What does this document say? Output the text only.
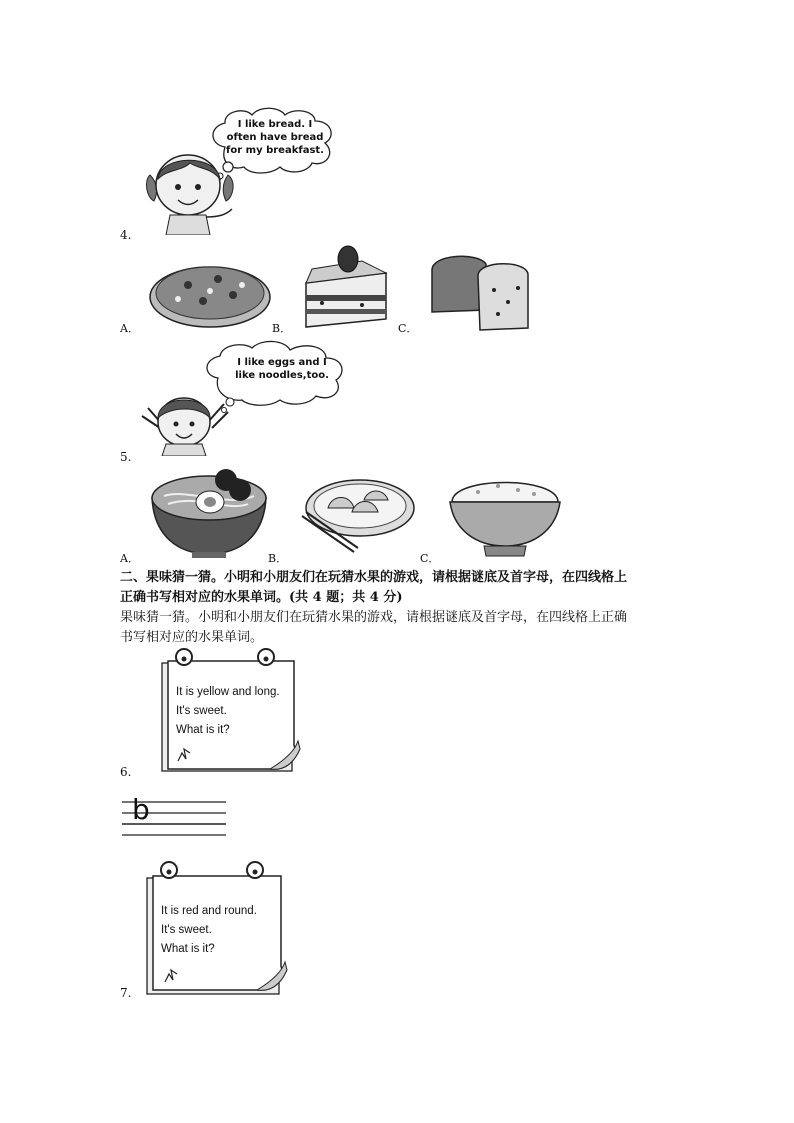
I like bread. I
often have bread
for my breakfast.
4.
A．	B．	C．
I like eggs and I
like noodles,too.
5.
A．	B．	C．
二、果味猜一猜。小明和小朋友们在玩猜水果的游戏，请根据谜底及首字母，在四线格上
正确书写相对应的水果单词。(共 4 题；共 4 分)
果味猜一猜。小明和小朋友们在玩猜水果的游戏，请根据谜底及首字母，在四线格上正确
书写相对应的水果单词。
It is yellow and long.
It's sweet.
What is it?
6.
b
It is red and round.
It's sweet.
What is it?
7.
